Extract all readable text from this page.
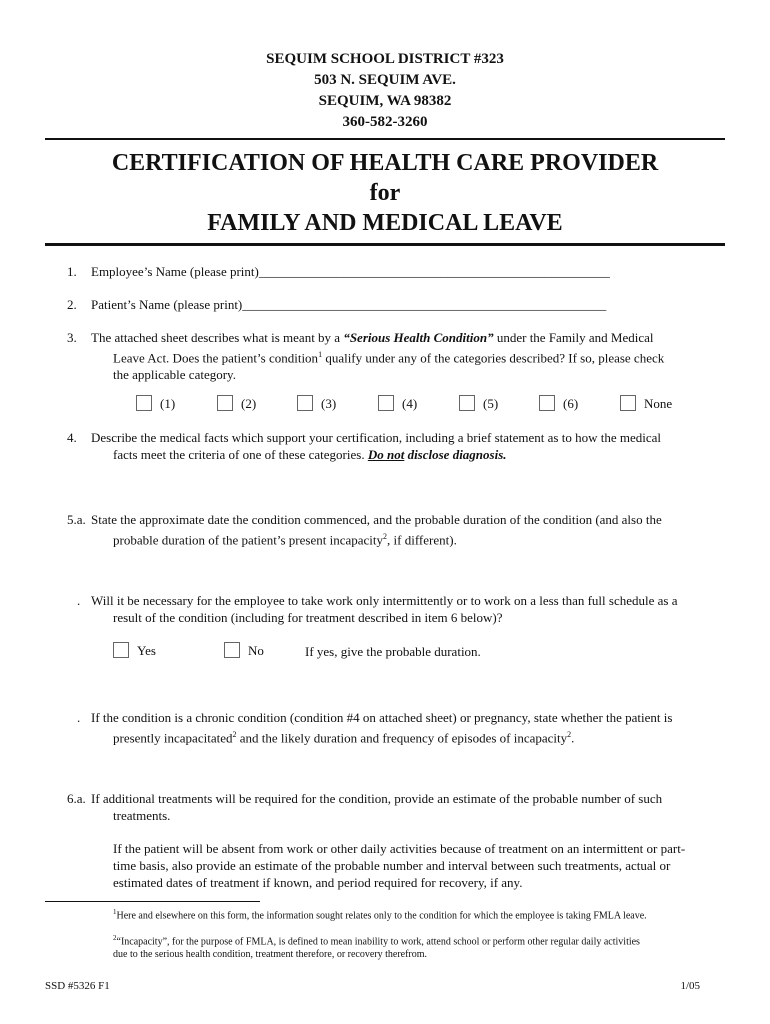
SEQUIM SCHOOL DISTRICT #323
503 N. SEQUIM AVE.
SEQUIM, WA 98382
360-582-3260
CERTIFICATION OF HEALTH CARE PROVIDER
for
FAMILY AND MEDICAL LEAVE
1.	Employee’s Name (please print)______________________________________________________
2.	Patient’s Name (please print)________________________________________________________
3.	The attached sheet describes what is meant by a “Serious Health Condition” under the Family and Medical
Leave Act. Does the patient’s condition$^1$ qualify under any of the categories described? If so, please check
the applicable category.
(1)	(2)	(3)	(4)	(5)	(6)	None
4.	Describe the medical facts which support your certification, including a brief statement as to how the medical
facts meet the criteria of one of these categories. Do not disclose diagnosis.
5.a. State the approximate date the condition commenced, and the probable duration of the condition (and also the
probable duration of the patient’s present incapacity$^2$, if different).
. Will it be necessary for the employee to take work only intermittently or to work on a less than full schedule as a
result of the condition (including for treatment described in item 6 below)?
Yes	No	If yes, give the probable duration.
. If the condition is a chronic condition (condition #4 on attached sheet) or pregnancy, state whether the patient is
presently incapacitated$^2$ and the likely duration and frequency of episodes of incapacity$^2$.
6.a. If additional treatments will be required for the condition, provide an estimate of the probable number of such
treatments.
If the patient will be absent from work or other daily activities because of treatment on an intermittent or part-
time basis, also provide an estimate of the probable number and interval between such treatments, actual or
estimated dates of treatment if known, and period required for recovery, if any.
$^1$Here and elsewhere on this form, the information sought relates only to the condition for which the employee is taking FMLA leave.
$^2$“Incapacity”, for the purpose of FMLA, is defined to mean inability to work, attend school or perform other regular daily activities
due to the serious health condition, treatment therefore, or recovery therefrom.
SSD #5326 F1	1/05
